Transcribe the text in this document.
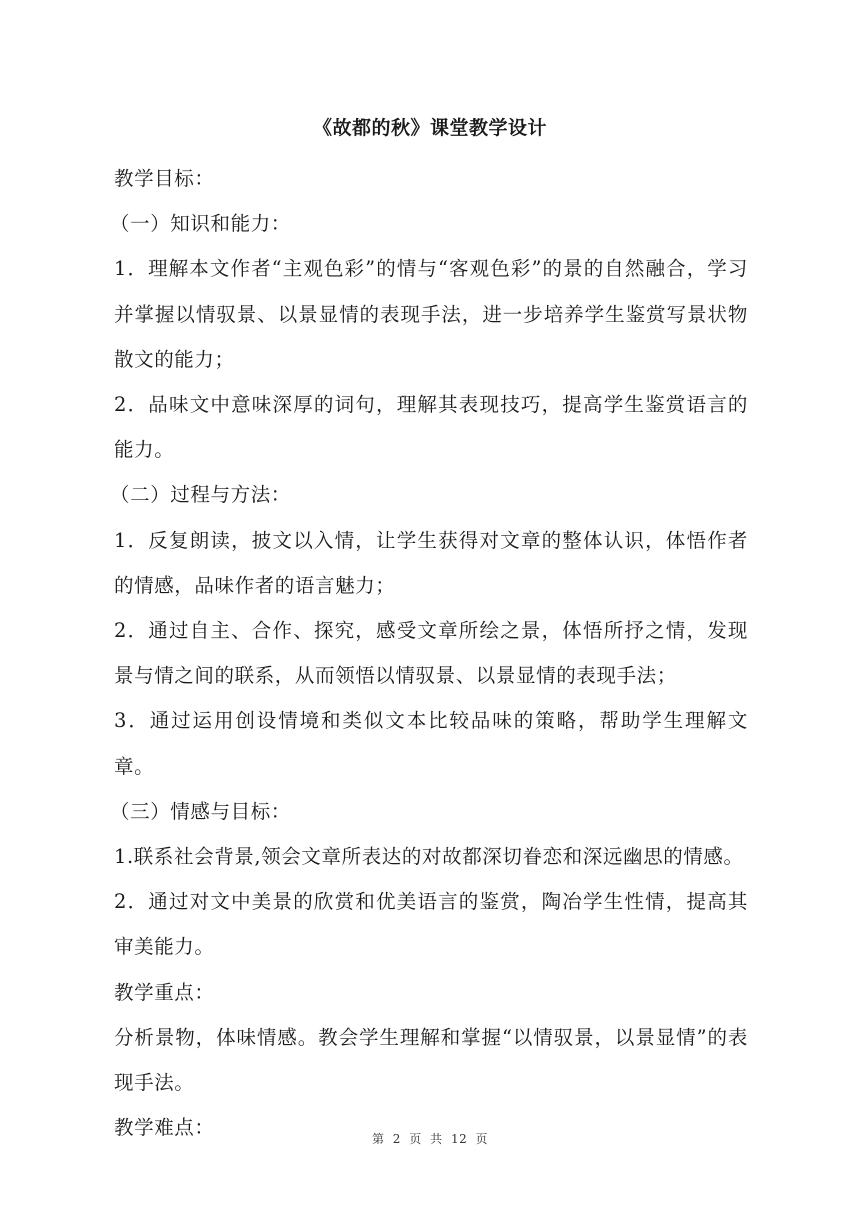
《故都的秋》课堂教学设计

教学目标：

（一）知识和能力：

1．理解本文作者“主观色彩”的情与“客观色彩”的景的自然融合，学习并掌握以情驭景、以景显情的表现手法，进一步培养学生鉴赏写景状物散文的能力；

2．品味文中意味深厚的词句，理解其表现技巧，提高学生鉴赏语言的能力。

（二）过程与方法：

1．反复朗读，披文以入情，让学生获得对文章的整体认识，体悟作者的情感，品味作者的语言魅力；

2．通过自主、合作、探究，感受文章所绘之景，体悟所抒之情，发现景与情之间的联系，从而领悟以情驭景、以景显情的表现手法；

3．通过运用创设情境和类似文本比较品味的策略，帮助学生理解文章。

（三）情感与目标：

1.联系社会背景,领会文章所表达的对故都深切眷恋和深远幽思的情感。

2．通过对文中美景的欣赏和优美语言的鉴赏，陶冶学生性情，提高其审美能力。

教学重点：

分析景物，体味情感。教会学生理解和掌握“以情驭景，以景显情”的表现手法。

教学难点：	第 2 页 共 12 页
